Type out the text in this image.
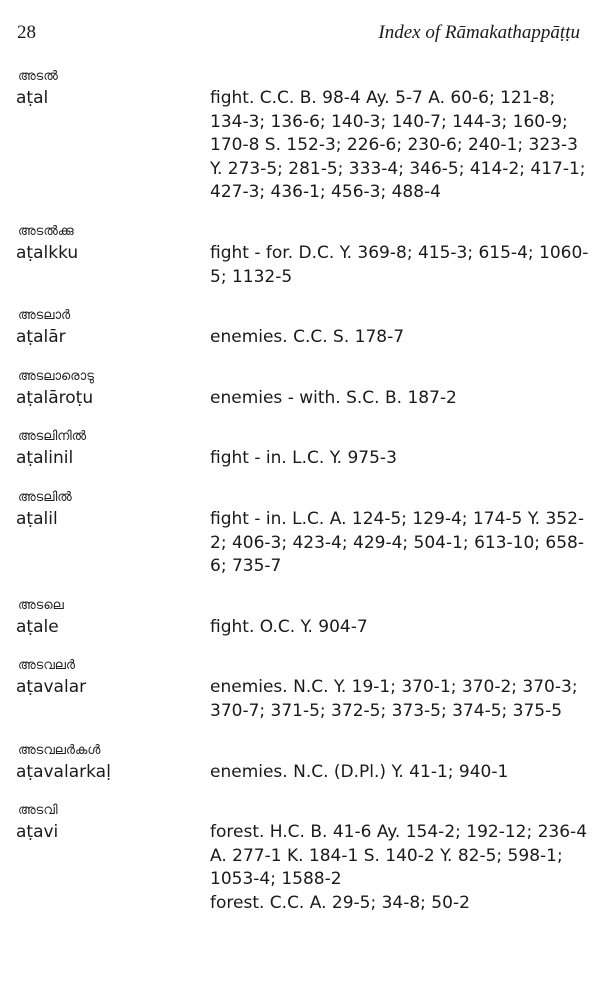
28	Index of Rāmakathappāṭṭu
അടൽ
aṭal	fight. C.C. B. 98-4 Ay. 5-7 A. 60-6; 121-8; 134-3; 136-6; 140-3; 140-7; 144-3; 160-9; 170-8 S. 152-3; 226-6; 230-6; 240-1; 323-3 Y. 273-5; 281-5; 333-4; 346-5; 414-2; 417-1; 427-3; 436-1; 456-3; 488-4
അടൽക്കു
aṭalkku	fight - for. D.C. Y. 369-8; 415-3; 615-4; 1060-5; 1132-5
അടലാർ
aṭalār	enemies. C.C. S. 178-7
അടലാരൊടു
aṭalāroṭu	enemies - with. S.C. B. 187-2
അടലിനിൽ
aṭalinil	fight - in. L.C. Y. 975-3
അടലിൽ
aṭalil	fight - in. L.C. A. 124-5; 129-4; 174-5 Y. 352-2; 406-3; 423-4; 429-4; 504-1; 613-10; 658-6; 735-7
അടലെ
aṭale	fight. O.C. Y. 904-7
അടവലർ
aṭavalar	enemies. N.C. Y. 19-1; 370-1; 370-2; 370-3; 370-7; 371-5; 372-5; 373-5; 374-5; 375-5
അടവലർകൾ
aṭavalarkaḷ	enemies. N.C. (D.Pl.) Y. 41-1; 940-1
അടവി
aṭavi	forest. H.C. B. 41-6 Ay. 154-2; 192-12; 236-4 A. 277-1 K. 184-1 S. 140-2 Y. 82-5; 598-1; 1053-4; 1588-2
forest. C.C. A. 29-5; 34-8; 50-2
